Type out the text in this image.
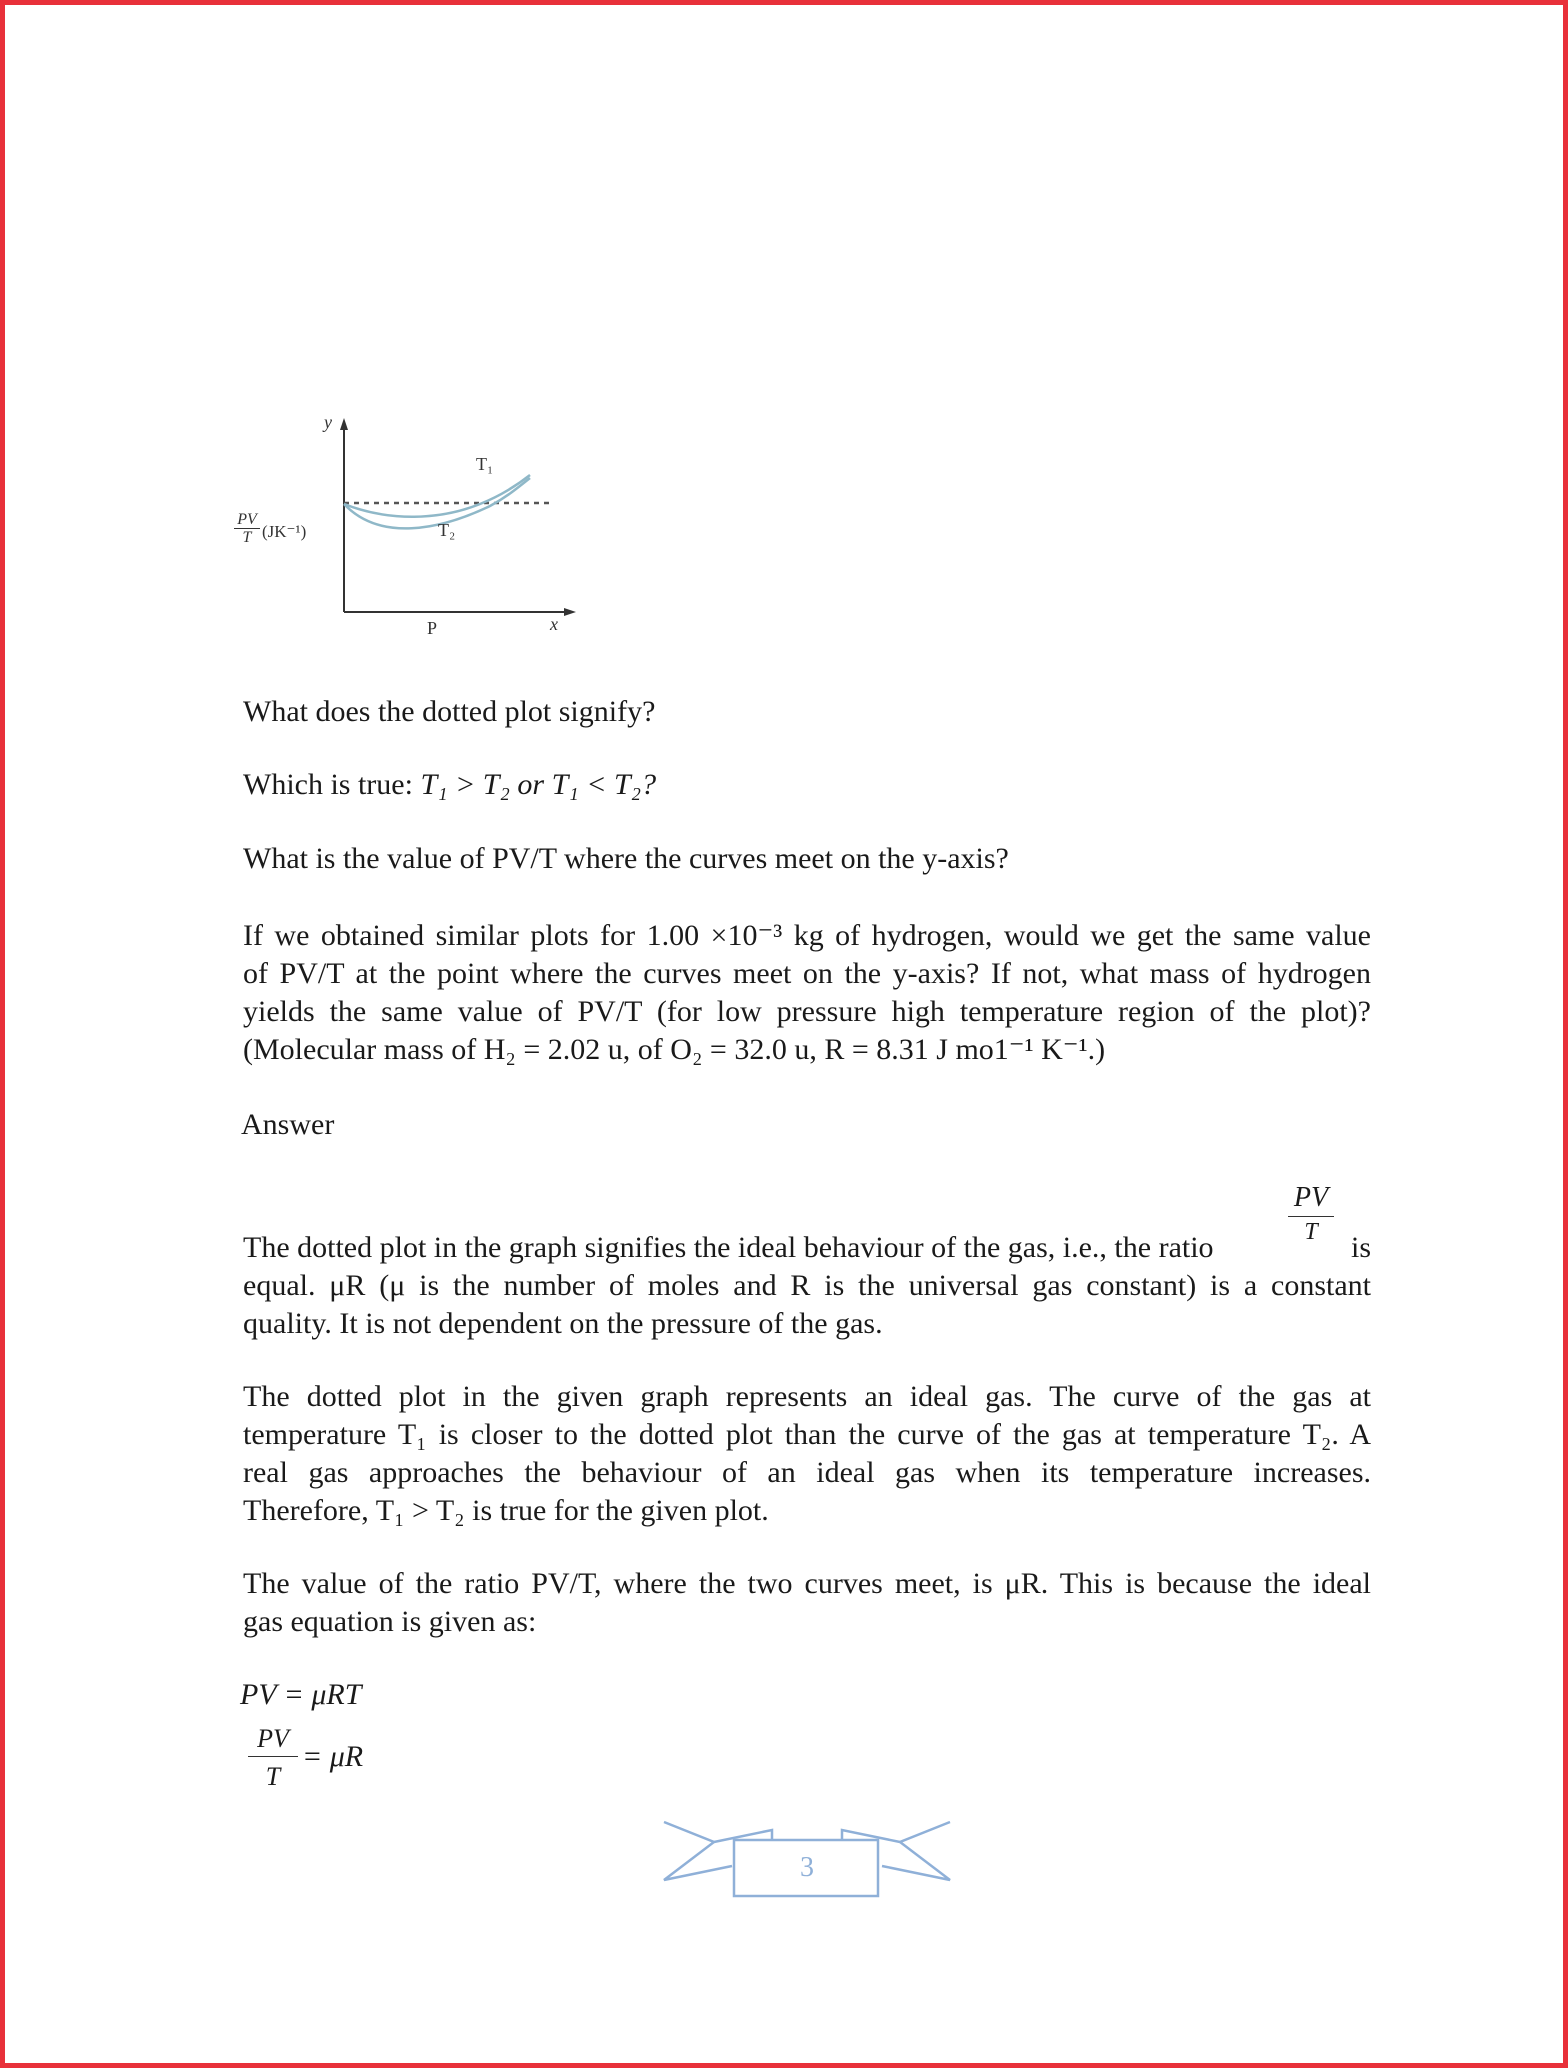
y
x
T₁
T₂
P
$\frac{PV}{T} (JK^{-1})$
What does the dotted plot signify?
Which is true: T₁ > T₂ or T₁ < T₂?
What is the value of PV/T where the curves meet on the y-axis?
If we obtained similar plots for 1.00 ×10⁻³ kg of hydrogen, would we get the same value
of PV/T at the point where the curves meet on the y-axis? If not, what mass of hydrogen
yields the same value of PV/T (for low pressure high temperature region of the plot)?
(Molecular mass of H₂ = 2.02 u, of O₂ = 32.0 u, R = 8.31 J mo1⁻¹ K⁻¹.)
Answer
$\frac{PV}{T}$
The dotted plot in the graph signifies the ideal behaviour of the gas, i.e., the ratio	is
equal. μR (μ is the number of moles and R is the universal gas constant) is a constant
quality. It is not dependent on the pressure of the gas.
The dotted plot in the given graph represents an ideal gas. The curve of the gas at
temperature T₁ is closer to the dotted plot than the curve of the gas at temperature T₂. A
real gas approaches the behaviour of an ideal gas when its temperature increases.
Therefore, T₁ > T₂ is true for the given plot.
The value of the ratio PV/T, where the two curves meet, is μR. This is because the ideal
gas equation is given as:
PV = μRT
$\frac{PV}{T} = \mu R$
3
